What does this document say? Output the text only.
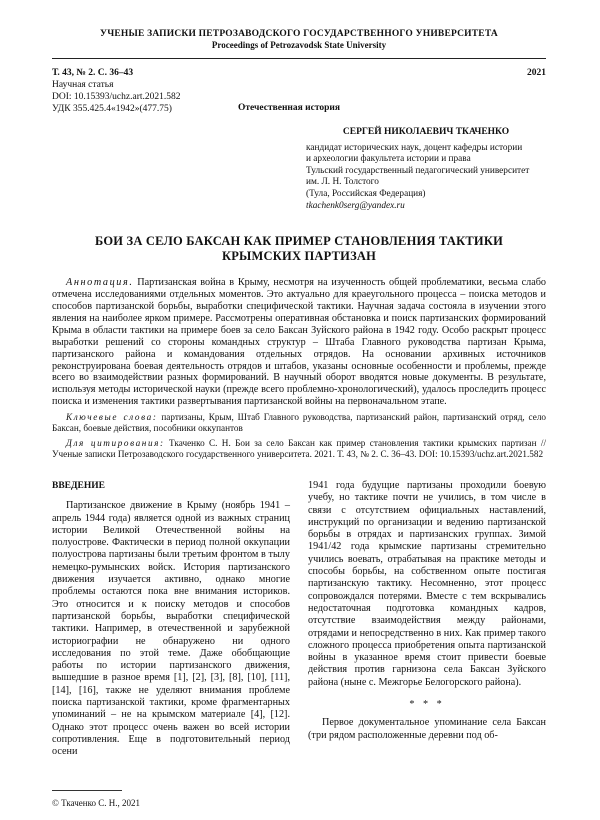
УЧЕНЫЕ ЗАПИСКИ ПЕТРОЗАВОДСКОГО ГОСУДАРСТВЕННОГО УНИВЕРСИТЕТА
Proceedings of Petrozavodsk State University
Т. 43, № 2. С. 36–43	2021
Научная статья
DOI: 10.15393/uchz.art.2021.582
УДК 355.425.4«1942»(477.75)	Отечественная история
СЕРГЕЙ НИКОЛАЕВИЧ ТКАЧЕНКО
кандидат исторических наук, доцент кафедры истории
и археологии факультета истории и права
Тульский государственный педагогический университет
им. Л. Н. Толстого
(Тула, Российская Федерация)
tkachenk0serg@yandex.ru
БОИ ЗА СЕЛО БАКСАН КАК ПРИМЕР СТАНОВЛЕНИЯ ТАКТИКИ
КРЫМСКИХ ПАРТИЗАН

Аннотация. Партизанская война в Крыму, несмотря на изученность общей проблематики, весьма слабо отмечена исследованиями отдельных моментов. Это актуально для краеугольного процесса – поиска методов и способов партизанской борьбы, выработки специфической тактики. Научная задача состояла в изучении этого явления на наиболее ярком примере. Рассмотрены оперативная обстановка и поиск партизанских формирований Крыма в области тактики на примере боев за село Баксан Зуйского района в 1942 году. Особо раскрыт процесс выработки решений со стороны командных структур – Штаба Главного руководства партизан Крыма, партизанского района и командования отдельных отрядов. На основании архивных источников реконструирована боевая деятельность отрядов и штабов, указаны основные особенности и проблемы, прежде всего во взаимодействии разных формирований. В научный оборот вводятся новые документы. В результате, используя методы исторической науки (прежде всего проблемно-хронологический), удалось проследить процесс поиска и изменения тактики развертывания партизанской войны на первоначальном этапе.

Ключевые слова: партизаны, Крым, Штаб Главного руководства, партизанский район, партизанский отряд, село Баксан, боевые действия, пособники оккупантов

Для цитирования: Ткаченко С. Н. Бои за село Баксан как пример становления тактики крымских партизан // Ученые записки Петрозаводского государственного университета. 2021. Т. 43, № 2. С. 36–43. DOI: 10.15393/uchz.art.2021.582

ВВЕДЕНИЕ

Партизанское движение в Крыму (ноябрь 1941 – апрель 1944 года) является одной из важных страниц истории Великой Отечественной войны на полуострове. Фактически в период полной оккупации полуострова партизаны были третьим фронтом в тылу немецко-румынских войск. История партизанского движения изучается активно, однако многие проблемы остаются пока вне внимания историков. Это относится и к поиску методов и способов партизанской борьбы, выработки специфической тактики. Например, в отечественной и зарубежной историографии не обнаружено ни одного исследования по этой теме. Даже обобщающие работы по истории партизанского движения, вышедшие в разное время [1], [2], [3], [8], [10], [11], [14], [16], также не уделяют внимания проблеме поиска партизанской тактики, кроме фрагментарных упоминаний – не на крымском материале [4], [12]. Однако этот процесс очень важен во всей истории сопротивления. Еще в подготовительный период осени

1941 года будущие партизаны проходили боевую учебу, но тактике почти не учились, в том числе в связи с отсутствием официальных наставлений, инструкций по организации и ведению партизанской борьбы в отрядах и партизанских группах. Зимой 1941/42 года крымские партизаны стремительно учились воевать, отрабатывая на практике методы и способы борьбы, на собственном опыте постигая партизанскую тактику. Несомненно, этот процесс сопровождался потерями. Вместе с тем вскрывались недостаточная подготовка командных кадров, отсутствие взаимодействия между районами, отрядами и непосредственно в них. Как пример такого сложного процесса приобретения опыта партизанской войны в указанное время стоит привести боевые действия против гарнизона села Баксан Зуйского района (ныне с. Межгорье Белогорского района).

* * *

Первое документальное упоминание села Баксан (три рядом расположенные деревни под об-

© Ткаченко С. Н., 2021
